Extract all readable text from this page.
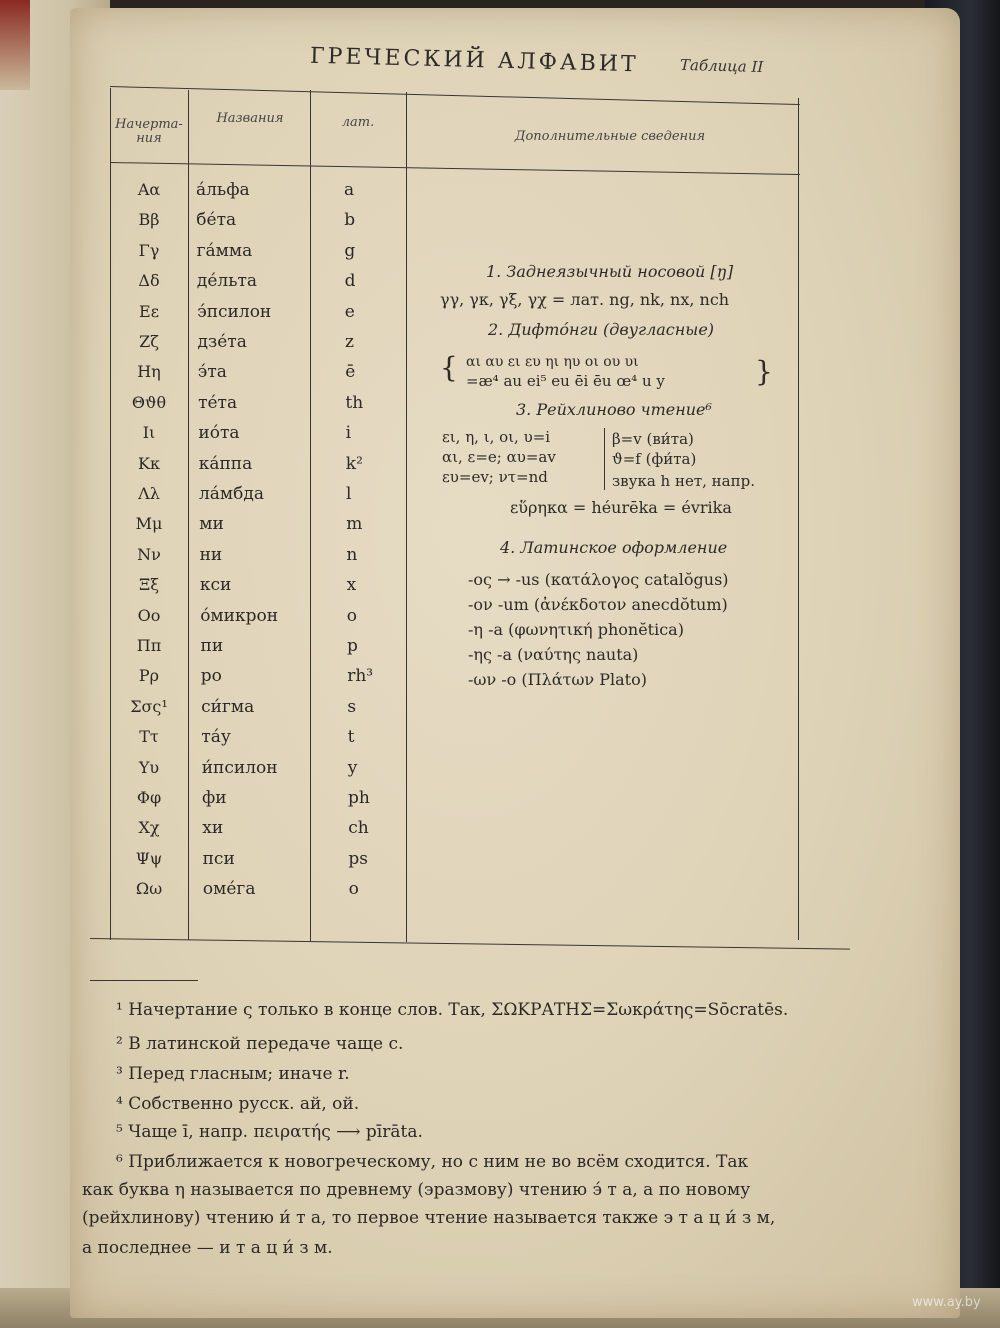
ГРЕЧЕСКИЙ АЛФАВИТ	Таблица II
Начерта-
ния
Названия	лат.
Дополнительные сведения
Αα	а́льфа	a
Ββ	бе́та	b
Γγ	га́мма	g
Δδ	де́льта	d
Εε	э́псилон	e
Ζζ	дзе́та	z
Ηη	э́та	ē
Θϑθ	те́та	th
Ιι	ио́та	i
Κκ	ка́ппа	k²
Λλ	ла́мбда	l
Μμ	ми	m
Νν	ни	n
Ξξ	кси	x
Οο	о́микрон	o
Ππ	пи	p
Ρρ	ро	rh³
Σσς¹	си́гма	s
Ττ	та́у	t
Υυ	и́псилон	y
Φφ	фи	ph
Χχ	хи	ch
Ψψ	пси	ps
Ωω	оме́га	o
1. Заднеязычный носовой [ŋ]
γγ, γκ, γξ, γχ = лат. ng, nk, nx, nch
2. Дифто́нги (двугласные)
{ αι αυ ει ευ ηι ηυ οι ου υι
=æ⁴ au ei⁵ eu ēi ēu œ⁴ u y	}
3. Рейхлиново чтение⁶
ει, η, ι, οι, υ=i	β=v (ви́та)
αι, ε=e; αυ=av	ϑ=f (фи́та)
ευ=ev; ντ=nd	звука h нет, напр.
εὕρηκα = héurēka = évrika
4. Латинское оформление
-ος → -us (κατάλογος catalŏgus)
-ον -um (ἀνέκδοτον anecdŏtum)
-η -a (φωνητική phonĕtica)
-ης -a (ναύτης nauta)
-ων -o (Πλάτων Plato)
¹ Начертание ς только в конце слов. Так, ΣΩΚΡΑΤΗΣ=Σωκράτης=Sōcratēs.
² В латинской передаче чаще c.
³ Перед гласным; иначе r.
⁴ Собственно русск. ай, ой.
⁵ Чаще ī, напр. πειρατής ⟶ pīrāta.
⁶ Приближается к новогреческому, но с ним не во всём сходится. Так
как буква η называется по древнему (эразмову) чтению э́ т а, а по новому
(рейхлинову) чтению и́ т а, то первое чтение называется также э т а ц и́ з м,
а последнее — и т а ц и́ з м.
www.ay.by
